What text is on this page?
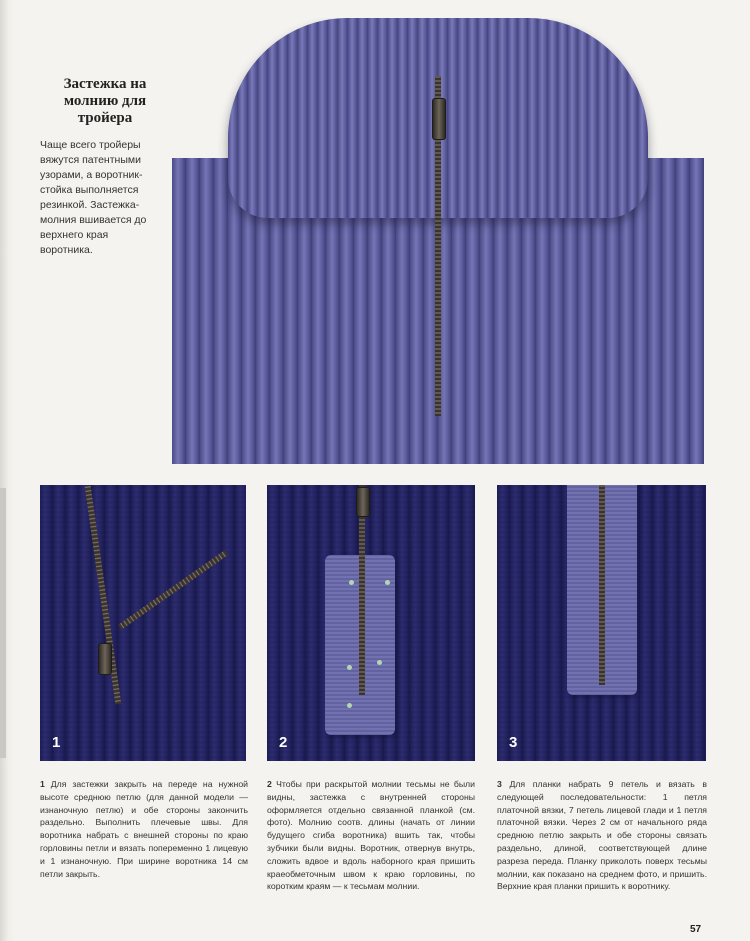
Застежка на молнию для тройера
Чаще всего тройеры вяжутся патентными узорами, а воротник-стойка выполняется резинкой. Застежка-молния вшивается до верхнего края воротника.
1	2	3
1 Для застежки закрыть на переде на нужной высоте среднюю петлю (для данной модели — изнаночную петлю) и обе стороны закончить раздельно. Выполнить плечевые швы. Для воротника набрать с внешней стороны по краю горловины петли и вязать попеременно 1 лицевую и 1 изнаночную. При ширине воротника 14 см петли закрыть.
2 Чтобы при раскрытой молнии тесьмы не были видны, застежка с внутренней стороны оформляется отдельно связанной планкой (см. фото). Молнию соотв. длины (начать от линии будущего сгиба воротника) вшить так, чтобы зубчики были видны. Воротник, отвернув внутрь, сложить вдвое и вдоль наборного края пришить краеобметочным швом к краю горловины, по коротким краям — к тесьмам молнии.
3 Для планки набрать 9 петель и вязать в следующей последовательности: 1 петля платочной вязки, 7 петель лицевой глади и 1 петля платочной вязки. Через 2 см от начального ряда среднюю петлю закрыть и обе стороны связать раздельно, длиной, соответствующей длине разреза переда. Планку приколоть поверх тесьмы молнии, как показано на среднем фото, и пришить. Верхние края планки пришить к воротнику.
57
